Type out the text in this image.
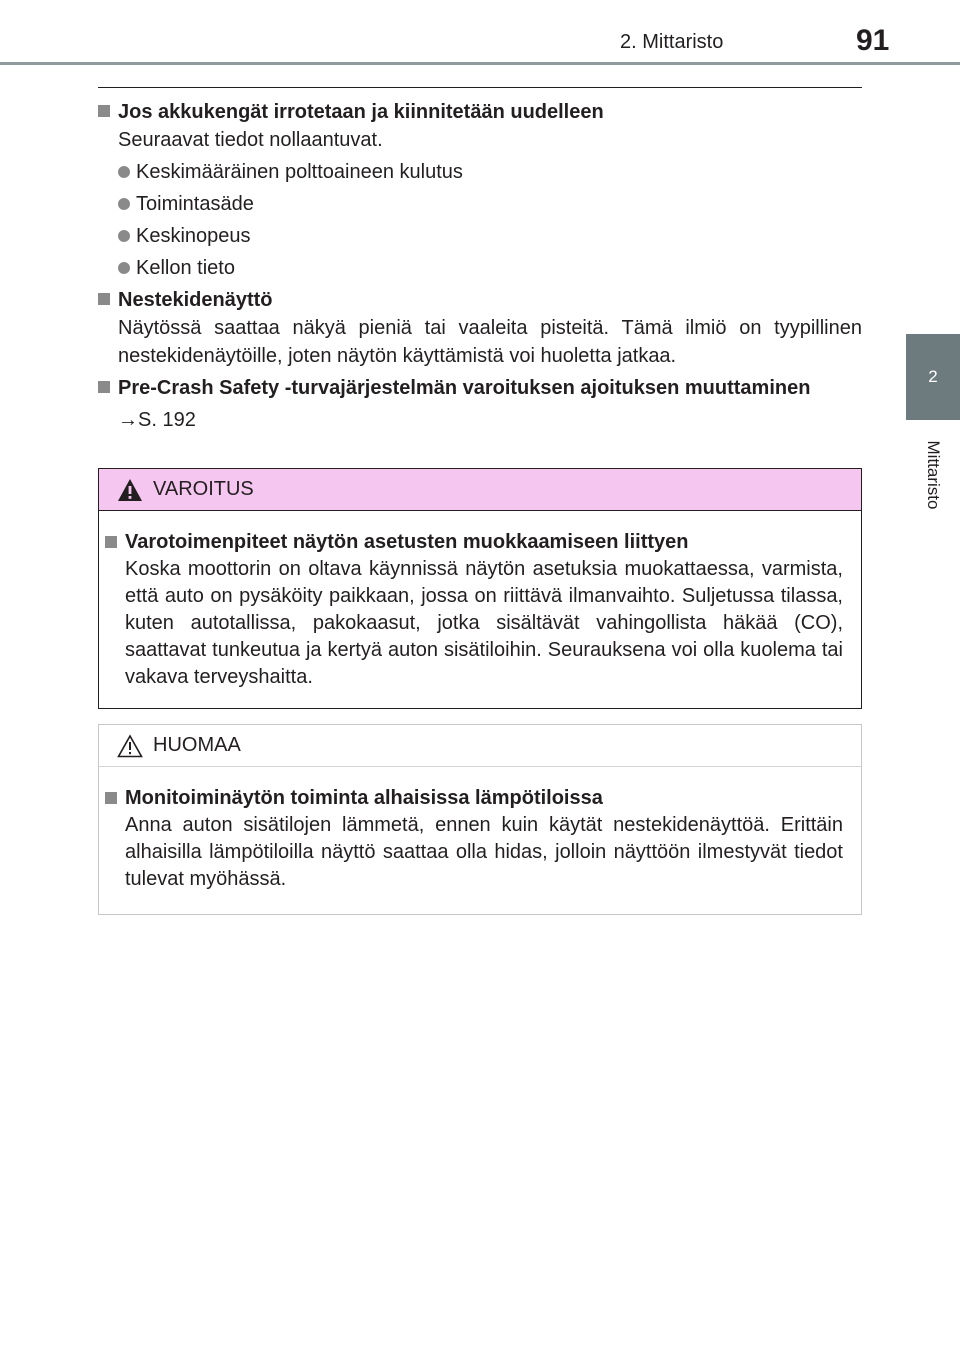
2. Mittaristo	91
2
Mittaristo
Jos akkukengät irrotetaan ja kiinnitetään uudelleen
Seuraavat tiedot nollaantuvat.
Keskimääräinen polttoaineen kulutus
Toimintasäde
Keskinopeus
Kellon tieto
Nestekidenäyttö
Näytössä saattaa näkyä pieniä tai vaaleita pisteitä. Tämä ilmiö on tyypillinen nestekidenäytöille, joten näytön käyttämistä voi huoletta jatkaa.
Pre-Crash Safety -turvajärjestelmän varoituksen ajoituksen muuttaminen
→S. 192
VAROITUS
Varotoimenpiteet näytön asetusten muokkaamiseen liittyen
Koska moottorin on oltava käynnissä näytön asetuksia muokattaessa, varmista, että auto on pysäköity paikkaan, jossa on riittävä ilmanvaihto. Suljetussa tilassa, kuten autotallissa, pakokaasut, jotka sisältävät vahingollista häkää (CO), saattavat tunkeutua ja kertyä auton sisätiloihin. Seurauksena voi olla kuolema tai vakava terveyshaitta.
HUOMAA
Monitoiminäytön toiminta alhaisissa lämpötiloissa
Anna auton sisätilojen lämmetä, ennen kuin käytät nestekidenäyttöä. Erittäin alhaisilla lämpötiloilla näyttö saattaa olla hidas, jolloin näyttöön ilmestyvät tiedot tulevat myöhässä.
